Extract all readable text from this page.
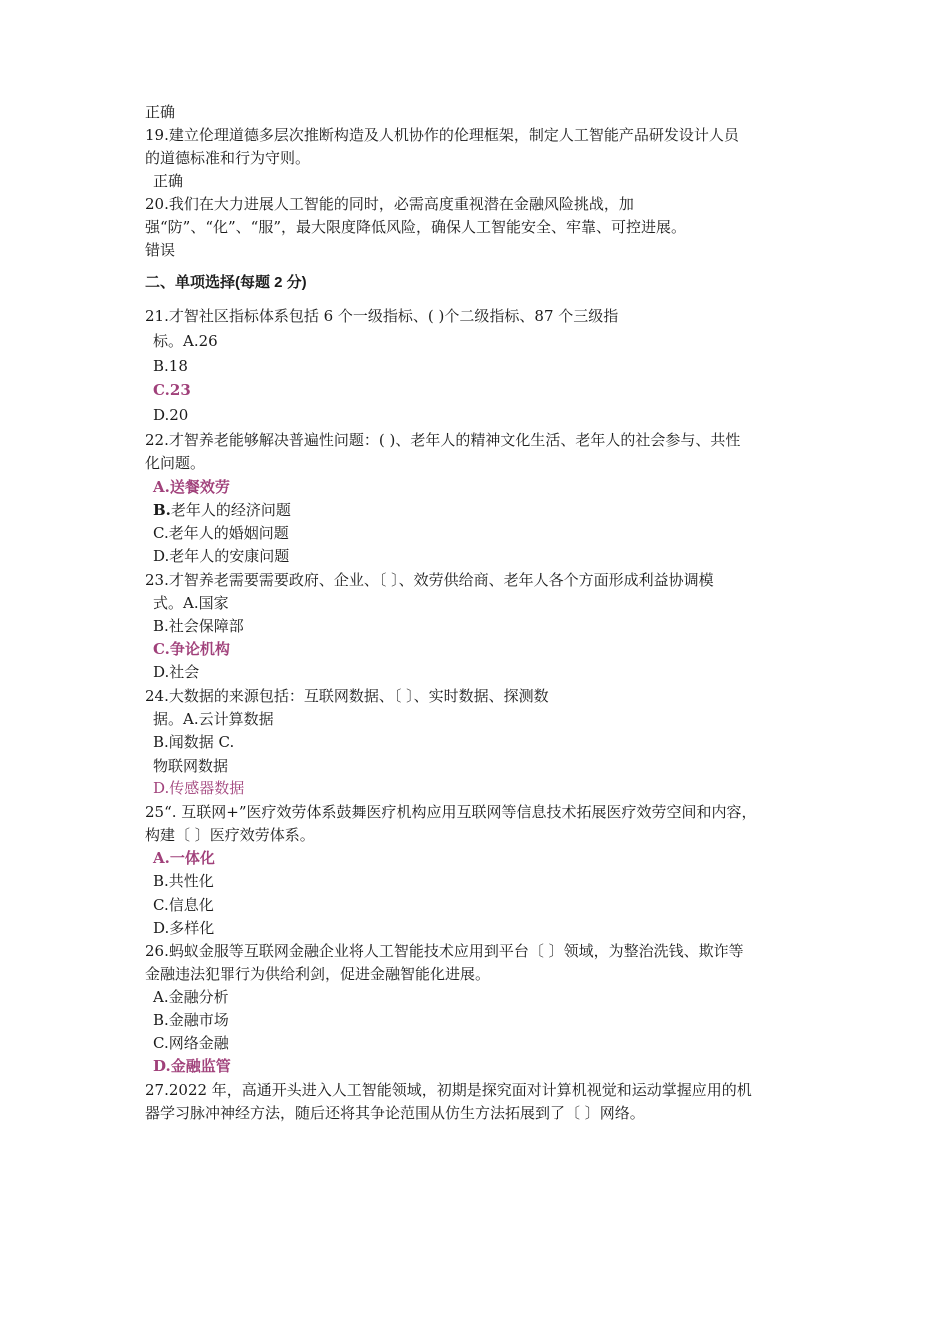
正确
19.建立伦理道德多层次推断构造及人机协作的伦理框架，制定人工智能产品研发设计人员
的道德标准和行为守则。
正确
20.我们在大力进展人工智能的同时，必需高度重视潜在金融风险挑战，加
强“防”、“化”、“服”，最大限度降低风险，确保人工智能安全、牢靠、可控进展。
错误
二、单项选择(每题 2 分)
21.才智社区指标体系包括 6 个一级指标、( )个二级指标、87 个三级指
标。A.26
B.18
C.23
D.20
22.才智养老能够解决普遍性问题：( )、老年人的精神文化生活、老年人的社会参与、共性
化问题。
A.送餐效劳
B.老年人的经济问题
C.老年人的婚姻问题
D.老年人的安康问题
23.才智养老需要需要政府、企业、〔 〕、效劳供给商、老年人各个方面形成利益协调模
式。A.国家
B.社会保障部
C.争论机构
D.社会
24.大数据的来源包括：互联网数据、〔 〕、实时数据、探测数
据。A.云计算数据
B.闻数据 C.
物联网数据
D.传感器数据
25“. 互联网+”医疗效劳体系鼓舞医疗机构应用互联网等信息技术拓展医疗效劳空间和内容，
构建〔 〕医疗效劳体系。
A.一体化
B.共性化
C.信息化
D.多样化
26.蚂蚁金服等互联网金融企业将人工智能技术应用到平台〔 〕领域，为整治洗钱、欺诈等
金融违法犯罪行为供给利剑，促进金融智能化进展。
A.金融分析
B.金融市场
C.网络金融
D.金融监管
27.2022 年，高通开头进入人工智能领域，初期是探究面对计算机视觉和运动掌握应用的机
器学习脉冲神经方法，随后还将其争论范围从仿生方法拓展到了〔 〕网络。
